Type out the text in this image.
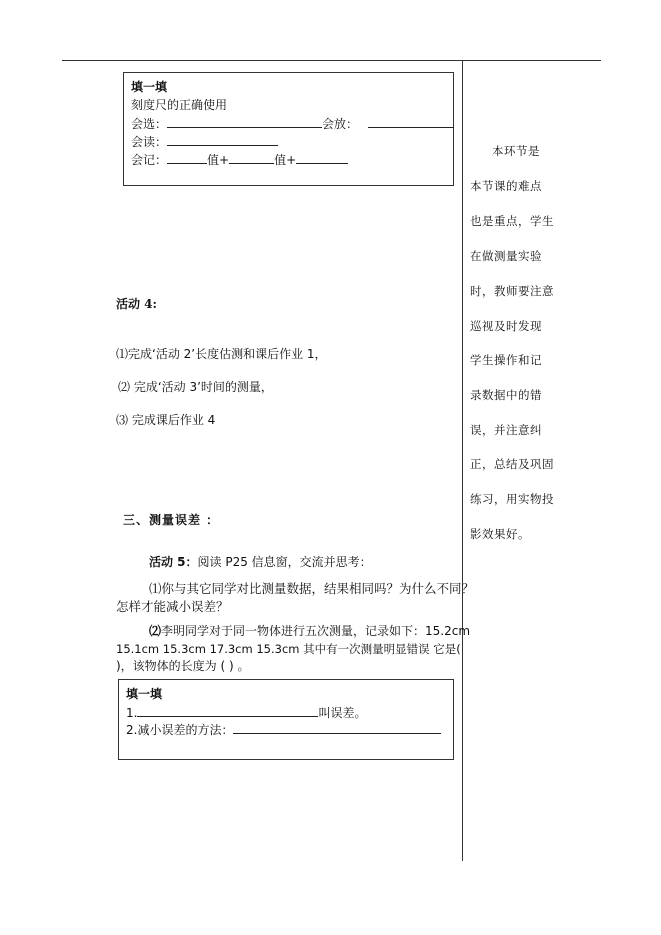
填一填
刻度尺的正确使用
会选：	会放：
会读：
会记：	值+	值+
活动 4:
⑴完成‘活动 2’长度估测和课后作业 1，
⑵ 完成‘活动 3’时间的测量，
⑶ 完成课后作业 4
三、测量误差 ：
活动 5：阅读 P25 信息窗，交流并思考：
⑴你与其它同学对比测量数据，结果相同吗？为什么不同？
怎样才能减小误差？
⑵李明同学对于同一物体进行五次测量，记录如下：15.2cm
15.1cm 15.3cm 17.3cm 15.3cm 其中有一次测量明显错误 它是(
)，该物体的长度为 ( ) 。
填一填
1.	叫误差。
2.减小误差的方法：
本环节是
本节课的难点
也是重点，学生
在做测量实验
时，教师要注意
巡视及时发现
学生操作和记
录数据中的错
误，并注意纠
正，总结及巩固
练习，用实物投
影效果好。
